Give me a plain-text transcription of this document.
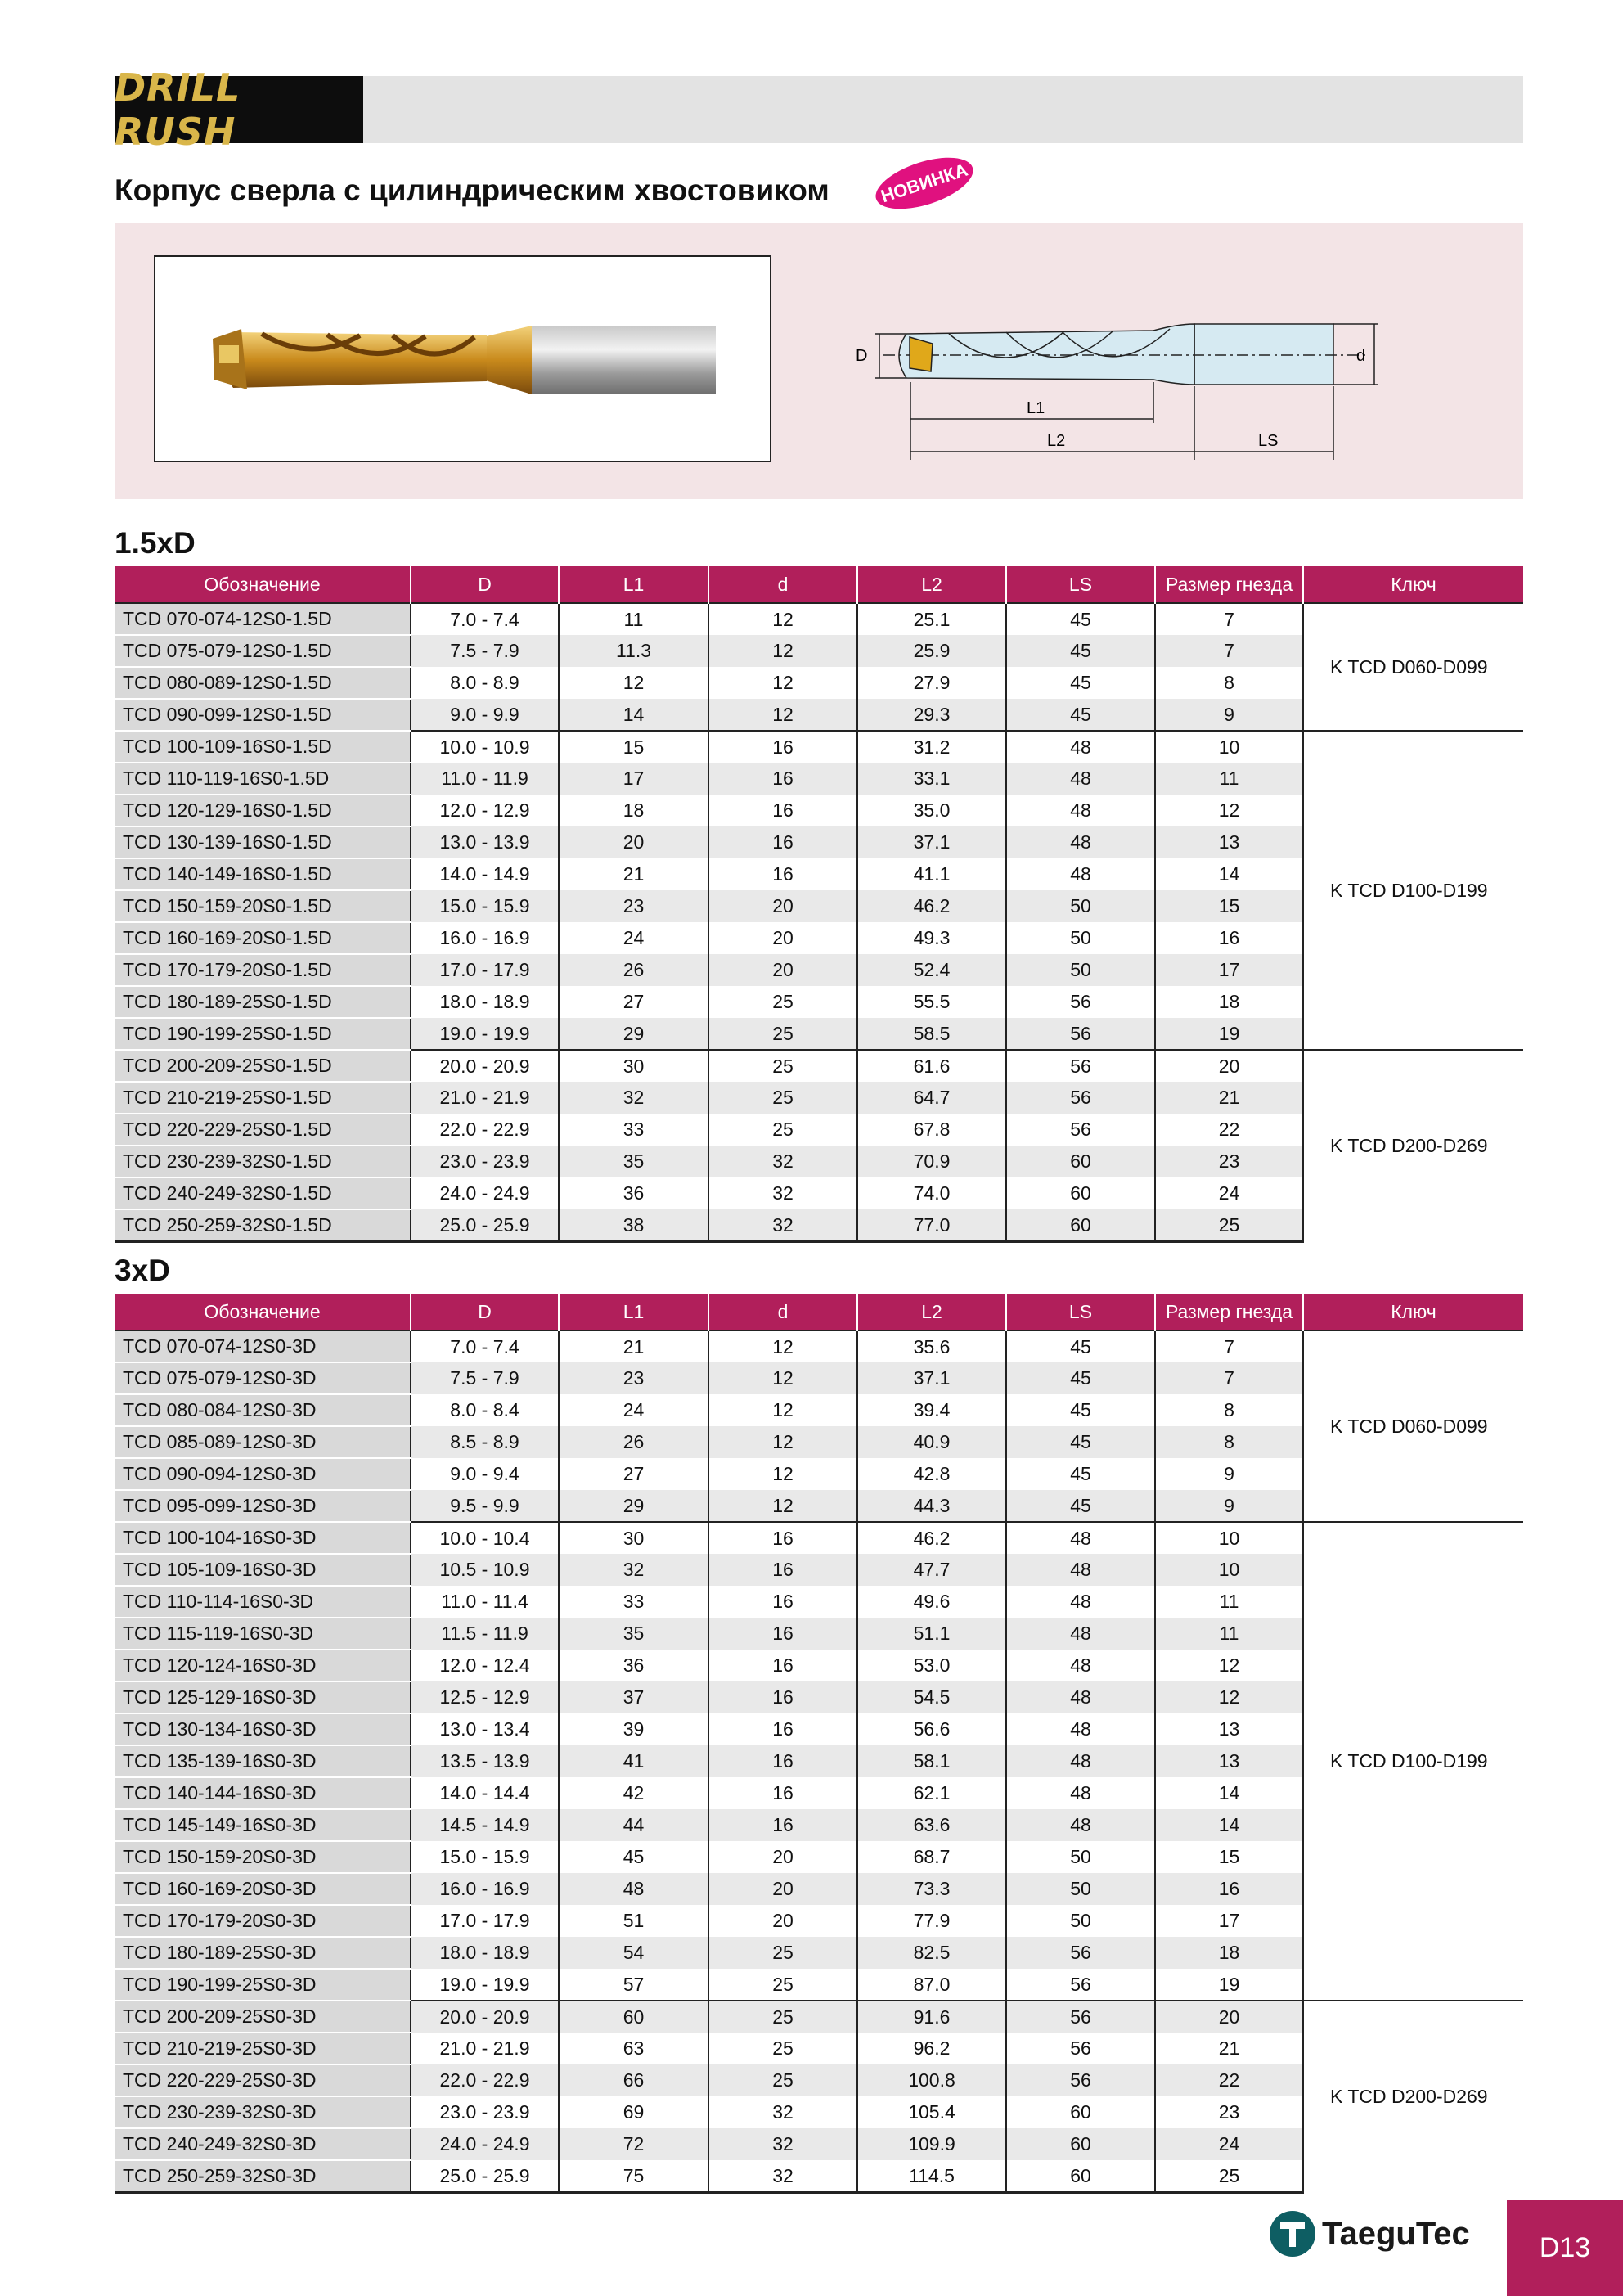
DRILL RUSH
Корпус сверла с цилиндрическим хвостовиком	НОВИНКА
D	d
L1
L2	LS
1.5xD
Обозначение	D	L1	d	L2	LS	Размер гнезда	Ключ
TCD 070-074-12S0-1.5D	7.0 - 7.4	11	12	25.1	45	7	K TCD D060-D099
TCD 075-079-12S0-1.5D	7.5 - 7.9	11.3	12	25.9	45	7	
TCD 080-089-12S0-1.5D	8.0 - 8.9	12	12	27.9	45	8	
TCD 090-099-12S0-1.5D	9.0 - 9.9	14	12	29.3	45	9	
TCD 100-109-16S0-1.5D	10.0 - 10.9	15	16	31.2	48	10	K TCD D100-D199
TCD 110-119-16S0-1.5D	11.0 - 11.9	17	16	33.1	48	11	
TCD 120-129-16S0-1.5D	12.0 - 12.9	18	16	35.0	48	12	
TCD 130-139-16S0-1.5D	13.0 - 13.9	20	16	37.1	48	13	
TCD 140-149-16S0-1.5D	14.0 - 14.9	21	16	41.1	48	14	
TCD 150-159-20S0-1.5D	15.0 - 15.9	23	20	46.2	50	15	
TCD 160-169-20S0-1.5D	16.0 - 16.9	24	20	49.3	50	16	
TCD 170-179-20S0-1.5D	17.0 - 17.9	26	20	52.4	50	17	
TCD 180-189-25S0-1.5D	18.0 - 18.9	27	25	55.5	56	18	
TCD 190-199-25S0-1.5D	19.0 - 19.9	29	25	58.5	56	19	
TCD 200-209-25S0-1.5D	20.0 - 20.9	30	25	61.6	56	20	K TCD D200-D269
TCD 210-219-25S0-1.5D	21.0 - 21.9	32	25	64.7	56	21	
TCD 220-229-25S0-1.5D	22.0 - 22.9	33	25	67.8	56	22	
TCD 230-239-32S0-1.5D	23.0 - 23.9	35	32	70.9	60	23	
TCD 240-249-32S0-1.5D	24.0 - 24.9	36	32	74.0	60	24	
TCD 250-259-32S0-1.5D	25.0 - 25.9	38	32	77.0	60	25	
3xD
Обозначение	D	L1	d	L2	LS	Размер гнезда	Ключ
TCD 070-074-12S0-3D	7.0 - 7.4	21	12	35.6	45	7	K TCD D060-D099
TCD 075-079-12S0-3D	7.5 - 7.9	23	12	37.1	45	7	
TCD 080-084-12S0-3D	8.0 - 8.4	24	12	39.4	45	8	
TCD 085-089-12S0-3D	8.5 - 8.9	26	12	40.9	45	8	
TCD 090-094-12S0-3D	9.0 - 9.4	27	12	42.8	45	9	
TCD 095-099-12S0-3D	9.5 - 9.9	29	12	44.3	45	9	
TCD 100-104-16S0-3D	10.0 - 10.4	30	16	46.2	48	10	K TCD D100-D199
TCD 105-109-16S0-3D	10.5 - 10.9	32	16	47.7	48	10	
TCD 110-114-16S0-3D	11.0 - 11.4	33	16	49.6	48	11	
TCD 115-119-16S0-3D	11.5 - 11.9	35	16	51.1	48	11	
TCD 120-124-16S0-3D	12.0 - 12.4	36	16	53.0	48	12	
TCD 125-129-16S0-3D	12.5 - 12.9	37	16	54.5	48	12	
TCD 130-134-16S0-3D	13.0 - 13.4	39	16	56.6	48	13	
TCD 135-139-16S0-3D	13.5 - 13.9	41	16	58.1	48	13	
TCD 140-144-16S0-3D	14.0 - 14.4	42	16	62.1	48	14	
TCD 145-149-16S0-3D	14.5 - 14.9	44	16	63.6	48	14	
TCD 150-159-20S0-3D	15.0 - 15.9	45	20	68.7	50	15	
TCD 160-169-20S0-3D	16.0 - 16.9	48	20	73.3	50	16	
TCD 170-179-20S0-3D	17.0 - 17.9	51	20	77.9	50	17	
TCD 180-189-25S0-3D	18.0 - 18.9	54	25	82.5	56	18	
TCD 190-199-25S0-3D	19.0 - 19.9	57	25	87.0	56	19	
TCD 200-209-25S0-3D	20.0 - 20.9	60	25	91.6	56	20	K TCD D200-D269
TCD 210-219-25S0-3D	21.0 - 21.9	63	25	96.2	56	21	
TCD 220-229-25S0-3D	22.0 - 22.9	66	25	100.8	56	22	
TCD 230-239-32S0-3D	23.0 - 23.9	69	32	105.4	60	23	
TCD 240-249-32S0-3D	24.0 - 24.9	72	32	109.9	60	24	
TCD 250-259-32S0-3D	25.0 - 25.9	75	32	114.5	60	25	
TaeguTec	D13
